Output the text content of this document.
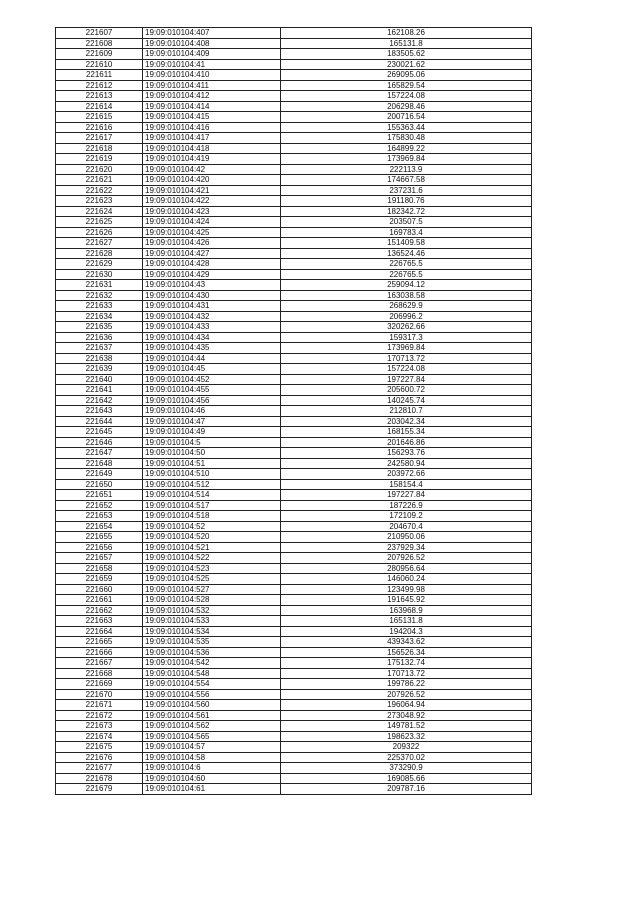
221607	19:09:010104:407	162108.26
221608	19:09:010104:408	165131.8
221609	19:09:010104:409	183505.62
221610	19:09:010104:41	230021.62
221611	19:09:010104:410	269095.06
221612	19:09:010104:411	165829.54
221613	19:09:010104:412	157224.08
221614	19:09:010104:414	206298.46
221615	19:09:010104:415	200716.54
221616	19:09:010104:416	155363.44
221617	19:09:010104:417	175830.48
221618	19:09:010104:418	164899.22
221619	19:09:010104:419	173969.84
221620	19:09:010104:42	222113.9
221621	19:09:010104:420	174667.58
221622	19:09:010104:421	237231.6
221623	19:09:010104:422	191180.76
221624	19:09:010104:423	182342.72
221625	19:09:010104:424	203507.5
221626	19:09:010104:425	169783.4
221627	19:09:010104:426	151409.58
221628	19:09:010104:427	136524.46
221629	19:09:010104:428	226765.5
221630	19:09:010104:429	226765.5
221631	19:09:010104:43	259094.12
221632	19:09:010104:430	163038.58
221633	19:09:010104:431	268629.9
221634	19:09:010104:432	206996.2
221635	19:09:010104:433	320262.66
221636	19:09:010104:434	159317.3
221637	19:09:010104:435	173969.84
221638	19:09:010104:44	170713.72
221639	19:09:010104:45	157224.08
221640	19:09:010104:452	197227.84
221641	19:09:010104:455	205600.72
221642	19:09:010104:456	140245.74
221643	19:09:010104:46	212810.7
221644	19:09:010104:47	203042.34
221645	19:09:010104:49	168155.34
221646	19:09:010104:5	201646.86
221647	19:09:010104:50	156293.76
221648	19:09:010104:51	242580.94
221649	19:09:010104:510	203972.66
221650	19:09:010104:512	158154.4
221651	19:09:010104:514	197227.84
221652	19:09:010104:517	187226.9
221653	19:09:010104:518	172109.2
221654	19:09:010104:52	204670.4
221655	19:09:010104:520	210950.06
221656	19:09:010104:521	237929.34
221657	19:09:010104:522	207926.52
221658	19:09:010104:523	280956.64
221659	19:09:010104:525	146060.24
221660	19:09:010104:527	123499.98
221661	19:09:010104:528	191645.92
221662	19:09:010104:532	163968.9
221663	19:09:010104:533	165131.8
221664	19:09:010104:534	194204.3
221665	19:09:010104:535	439343.62
221666	19:09:010104:536	156526.34
221667	19:09:010104:542	175132.74
221668	19:09:010104:548	170713.72
221669	19:09:010104:554	199786.22
221670	19:09:010104:556	207926.52
221671	19:09:010104:560	196064.94
221672	19:09:010104:561	273048.92
221673	19:09:010104:562	149781.52
221674	19:09:010104:565	198623.32
221675	19:09:010104:57	209322
221676	19:09:010104:58	225370.02
221677	19:09:010104:6	373290.9
221678	19:09:010104:60	169085.66
221679	19:09:010104:61	209787.16
